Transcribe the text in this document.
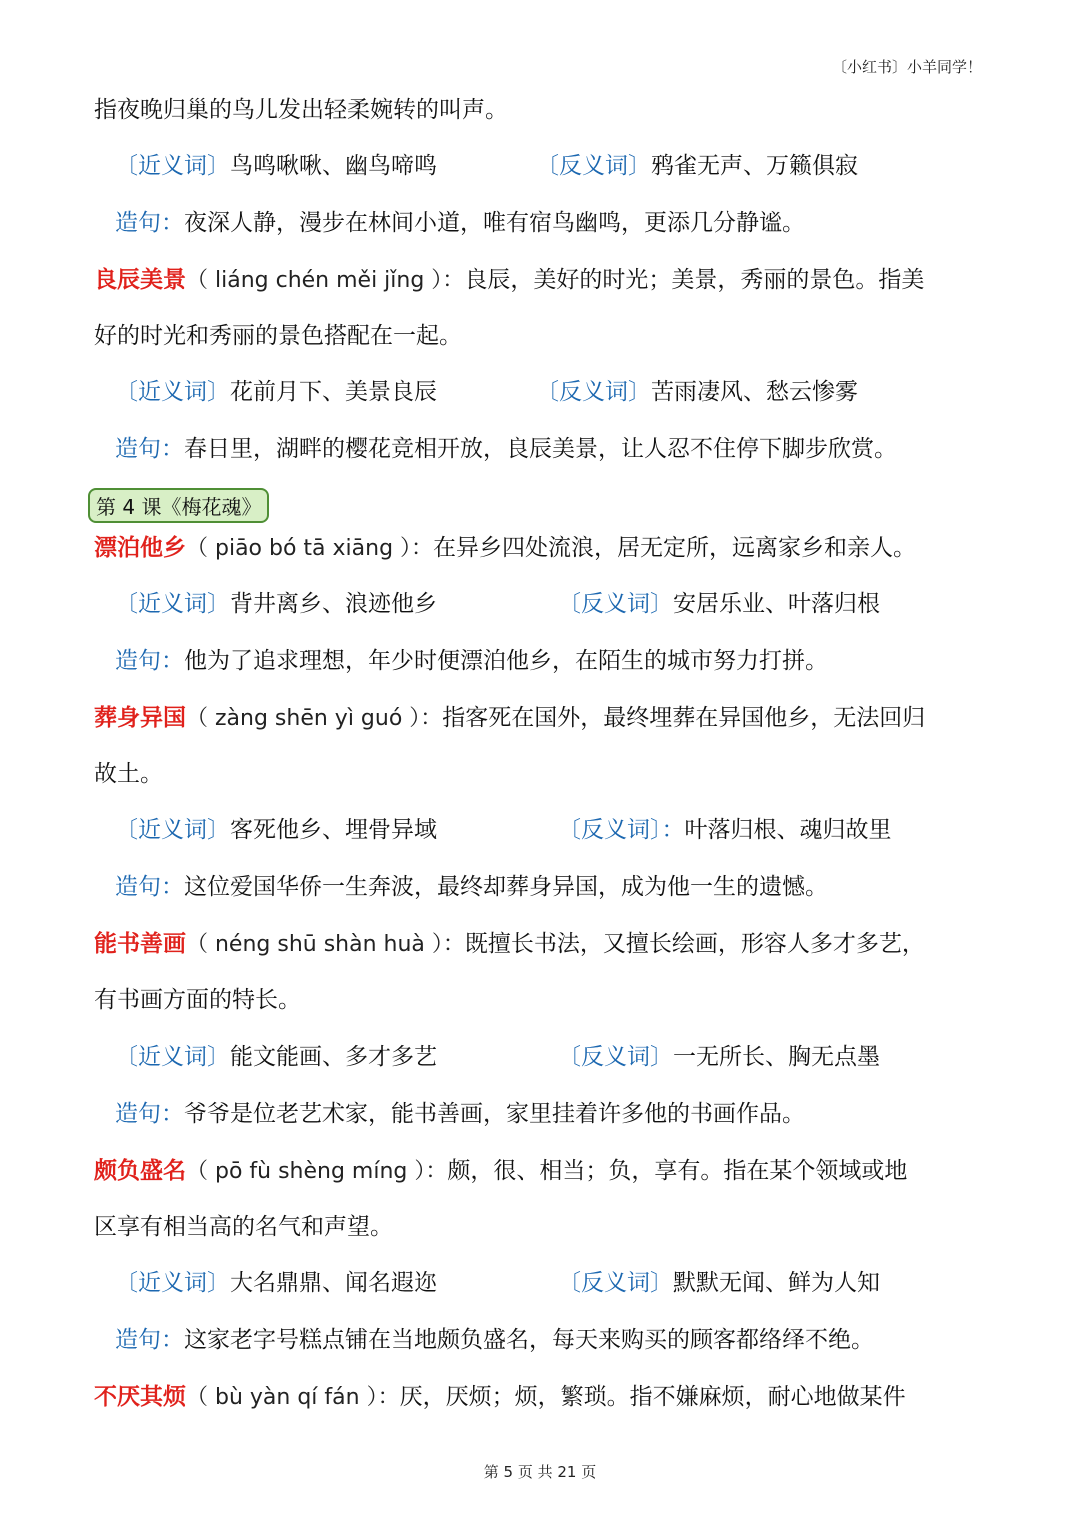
〔小红书〕小羊同学！
指夜晚归巢的鸟儿发出轻柔婉转的叫声。
〔近义词〕鸟鸣啾啾、幽鸟啼鸣	〔反义词〕鸦雀无声、万籁俱寂
造句：夜深人静，漫步在林间小道，唯有宿鸟幽鸣，更添几分静谧。
良辰美景（ liáng chén měi jǐng ）：良辰，美好的时光；美景，秀丽的景色。指美
好的时光和秀丽的景色搭配在一起。
〔近义词〕花前月下、美景良辰	〔反义词〕苦雨凄风、愁云惨雾
造句：春日里，湖畔的樱花竞相开放，良辰美景，让人忍不住停下脚步欣赏。
第 4 课《梅花魂》
漂泊他乡（ piāo bó tā xiāng ）：在异乡四处流浪，居无定所，远离家乡和亲人。
〔近义词〕背井离乡、浪迹他乡	〔反义词〕安居乐业、叶落归根
造句：他为了追求理想，年少时便漂泊他乡，在陌生的城市努力打拼。
葬身异国（ zàng shēn yì guó ）：指客死在国外，最终埋葬在异国他乡，无法回归
故土。
〔近义词〕客死他乡、埋骨异域	〔反义词〕：叶落归根、魂归故里
造句：这位爱国华侨一生奔波，最终却葬身异国，成为他一生的遗憾。
能书善画（ néng shū shàn huà ）：既擅长书法，又擅长绘画，形容人多才多艺，
有书画方面的特长。
〔近义词〕能文能画、多才多艺	〔反义词〕一无所长、胸无点墨
造句：爷爷是位老艺术家，能书善画，家里挂着许多他的书画作品。
颇负盛名（ pō fù shèng míng ）：颇，很、相当；负，享有。指在某个领域或地
区享有相当高的名气和声望。
〔近义词〕大名鼎鼎、闻名遐迩	〔反义词〕默默无闻、鲜为人知
造句：这家老字号糕点铺在当地颇负盛名，每天来购买的顾客都络绎不绝。
不厌其烦（ bù yàn qí fán ）：厌，厌烦；烦，繁琐。指不嫌麻烦，耐心地做某件
第 5 页 共 21 页
